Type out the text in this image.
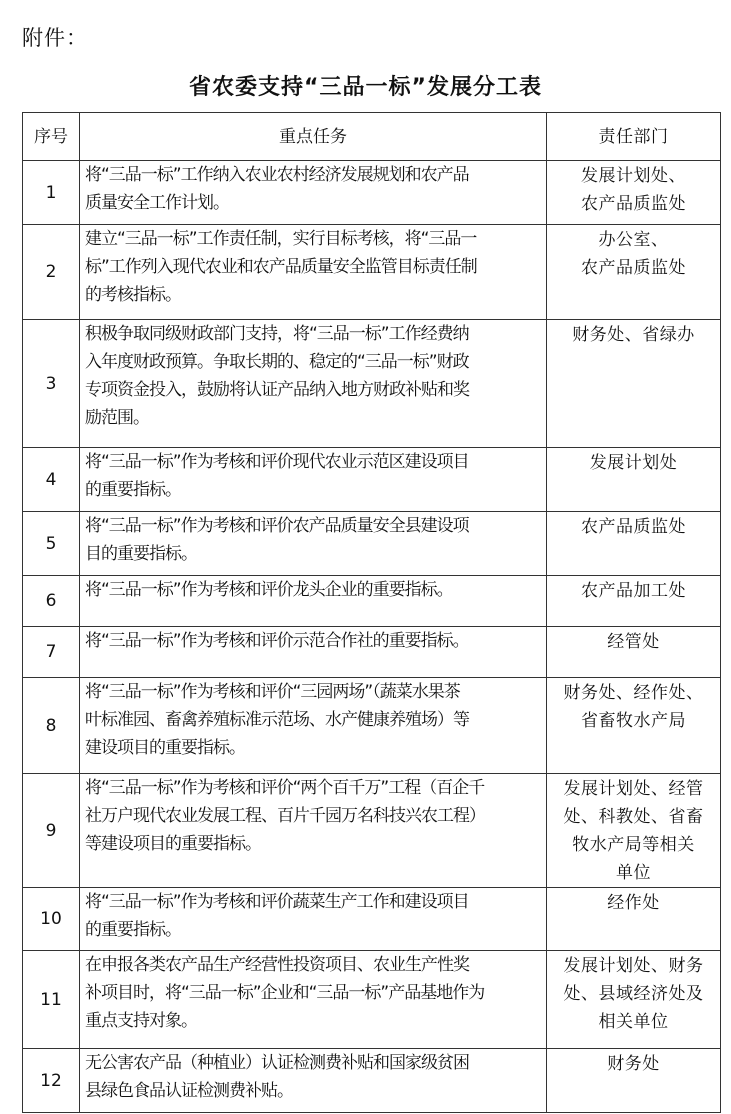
附件：
省农委支持“三品一标”发展分工表
序号	重点任务	责任部门
1	将“三品一标”工作纳入农业农村经济发展规划和农产品
质量安全工作计划。	发展计划处、
农产品质监处
2	建立“三品一标”工作责任制，实行目标考核，将“三品一
标”工作列入现代农业和农产品质量安全监管目标责任制
的考核指标。	办公室、
农产品质监处
3	积极争取同级财政部门支持，将“三品一标”工作经费纳
入年度财政预算。争取长期的、稳定的“三品一标”财政
专项资金投入，鼓励将认证产品纳入地方财政补贴和奖
励范围。	财务处、省绿办
4	将“三品一标”作为考核和评价现代农业示范区建设项目
的重要指标。	发展计划处
5	将“三品一标”作为考核和评价农产品质量安全县建设项
目的重要指标。	农产品质监处
6	将“三品一标”作为考核和评价龙头企业的重要指标。	农产品加工处
7	将“三品一标”作为考核和评价示范合作社的重要指标。	经管处
8	将“三品一标”作为考核和评价“三园两场”（蔬菜水果茶
叶标准园、畜禽养殖标准示范场、水产健康养殖场）等
建设项目的重要指标。	财务处、经作处、
省畜牧水产局
9	将“三品一标”作为考核和评价“两个百千万”工程（百企千
社万户现代农业发展工程、百片千园万名科技兴农工程）
等建设项目的重要指标。	发展计划处、经管
处、科教处、省畜
牧水产局等相关
单位
10	将“三品一标”作为考核和评价蔬菜生产工作和建设项目
的重要指标。	经作处
11	在申报各类农产品生产经营性投资项目、农业生产性奖
补项目时，将“三品一标”企业和“三品一标”产品基地作为
重点支持对象。	发展计划处、财务
处、县域经济处及
相关单位
12	无公害农产品（种植业）认证检测费补贴和国家级贫困
县绿色食品认证检测费补贴。	财务处
